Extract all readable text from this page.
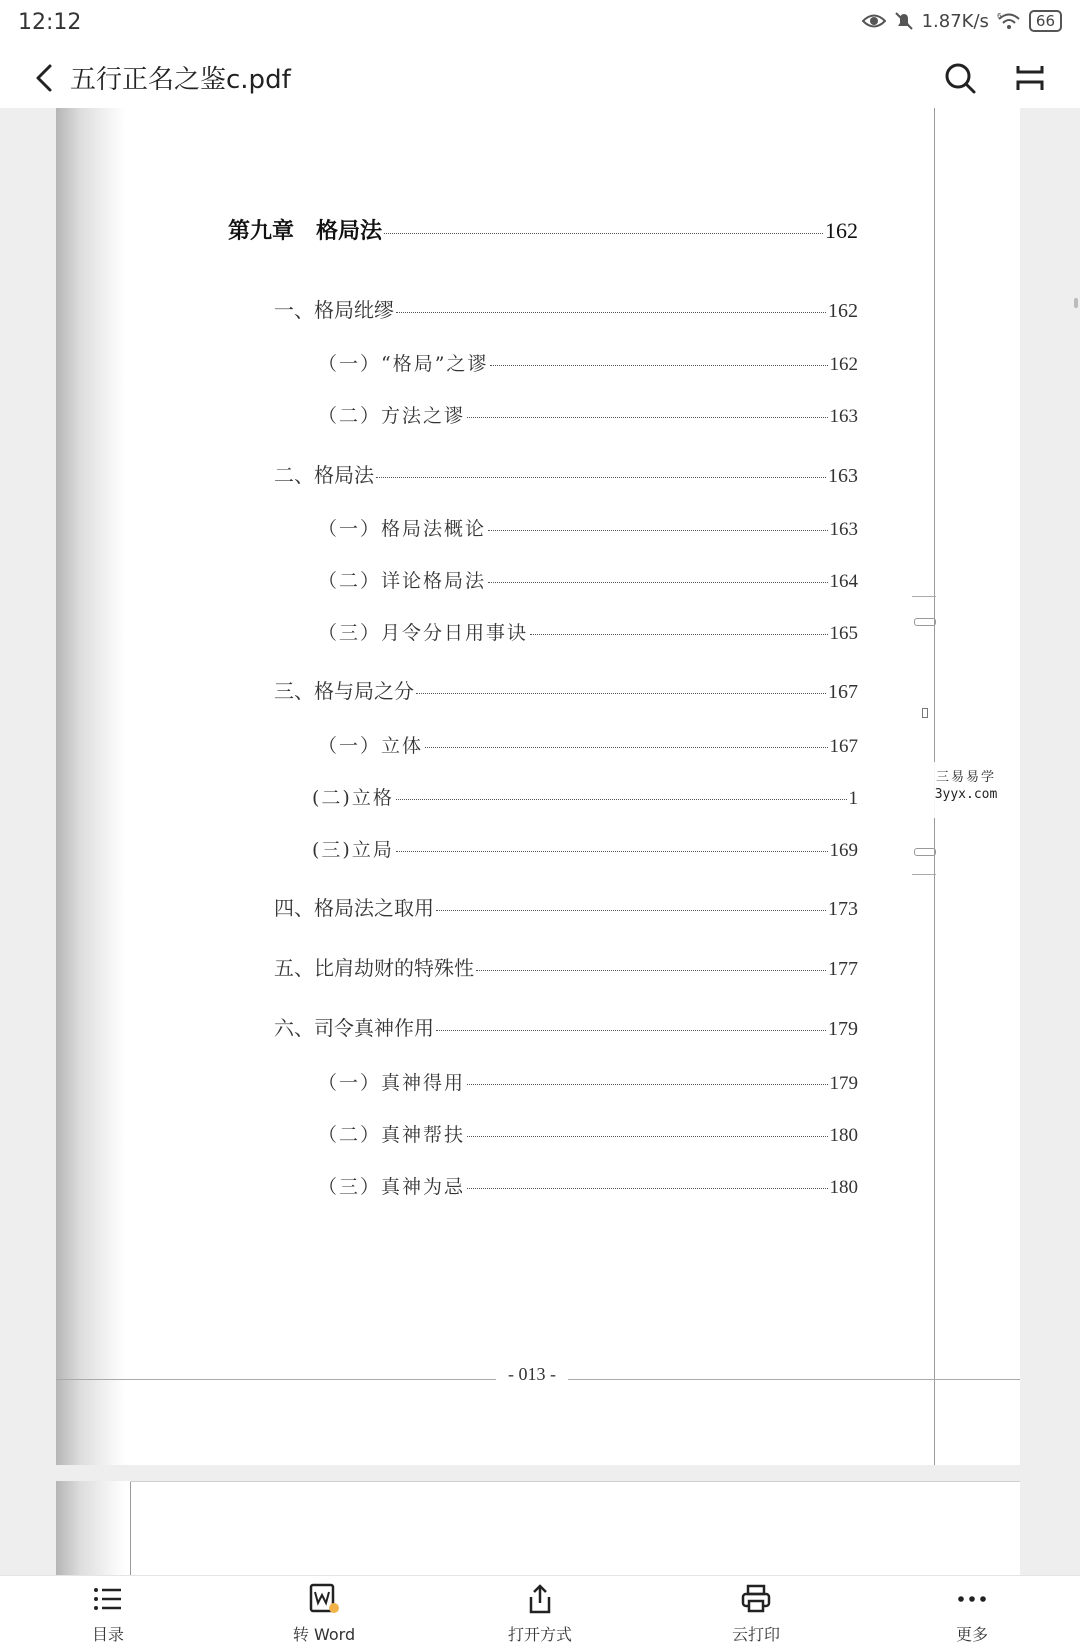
12:12	1.87K/s 6	66
五行正名之鉴c.pdf
第九章　格局法	162
一、格局纰缪	162
（一）“格局”之谬	162
（二）方法之谬	163
二、格局法	163
（一）格局法概论	163
（二）详论格局法	164
（三）月令分日用事诀	165
三、格与局之分	167
（一）立体	167
(二)立格	1
(三)立局	169
四、格局法之取用	173
五、比肩劫财的特殊性	177
六、司令真神作用	179
（一）真神得用	179
（二）真神帮扶	180
（三）真神为忌	180
三易易学
3yyx.com
- 013 -
目录	转 Word	打开方式	云打印	更多
